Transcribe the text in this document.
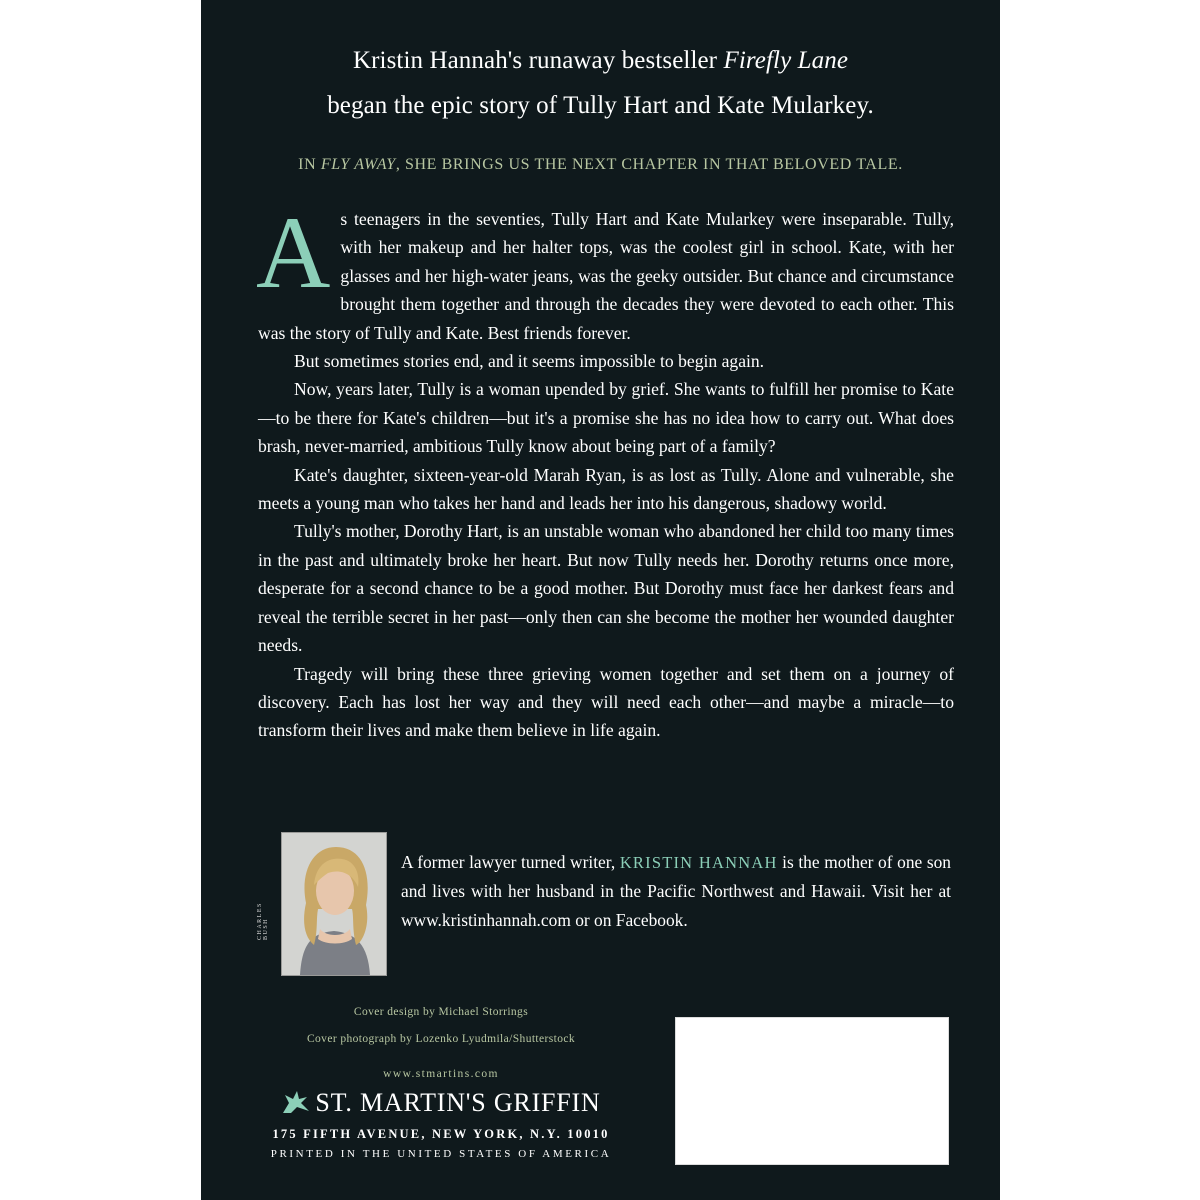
Kristin Hannah's runaway bestseller Firefly Lane
began the epic story of Tully Hart and Kate Mularkey.
IN FLY AWAY, SHE BRINGS US THE NEXT CHAPTER IN THAT BELOVED TALE.

As teenagers in the seventies, Tully Hart and Kate Mularkey were inseparable. Tully, with her makeup and her halter tops, was the coolest girl in school. Kate, with her glasses and her high-water jeans, was the geeky outsider. But chance and circumstance brought them together and through the decades they were devoted to each other. This was the story of Tully and Kate. Best friends forever.

But sometimes stories end, and it seems impossible to begin again.

Now, years later, Tully is a woman upended by grief. She wants to fulfill her promise to Kate—to be there for Kate's children—but it's a promise she has no idea how to carry out. What does brash, never-married, ambitious Tully know about being part of a family?

Kate's daughter, sixteen-year-old Marah Ryan, is as lost as Tully. Alone and vulnerable, she meets a young man who takes her hand and leads her into his dangerous, shadowy world.

Tully's mother, Dorothy Hart, is an unstable woman who abandoned her child too many times in the past and ultimately broke her heart. But now Tully needs her. Dorothy returns once more, desperate for a second chance to be a good mother. But Dorothy must face her darkest fears and reveal the terrible secret in her past—only then can she become the mother her wounded daughter needs.

Tragedy will bring these three grieving women together and set them on a journey of discovery. Each has lost her way and they will need each other—and maybe a miracle—to transform their lives and make them believe in life again.

CHARLES BUSH
A former lawyer turned writer, KRISTIN HANNAH is the mother of one son and lives with her husband in the Pacific Northwest and Hawaii. Visit her at www.kristinhannah.com or on Facebook.
Cover design by Michael Storrings
Cover photograph by Lozenko Lyudmila/Shutterstock
www.stmartins.com
ST. MARTIN'S GRIFFIN
175 FIFTH AVENUE, NEW YORK, N.Y. 10010
PRINTED IN THE UNITED STATES OF AMERICA
